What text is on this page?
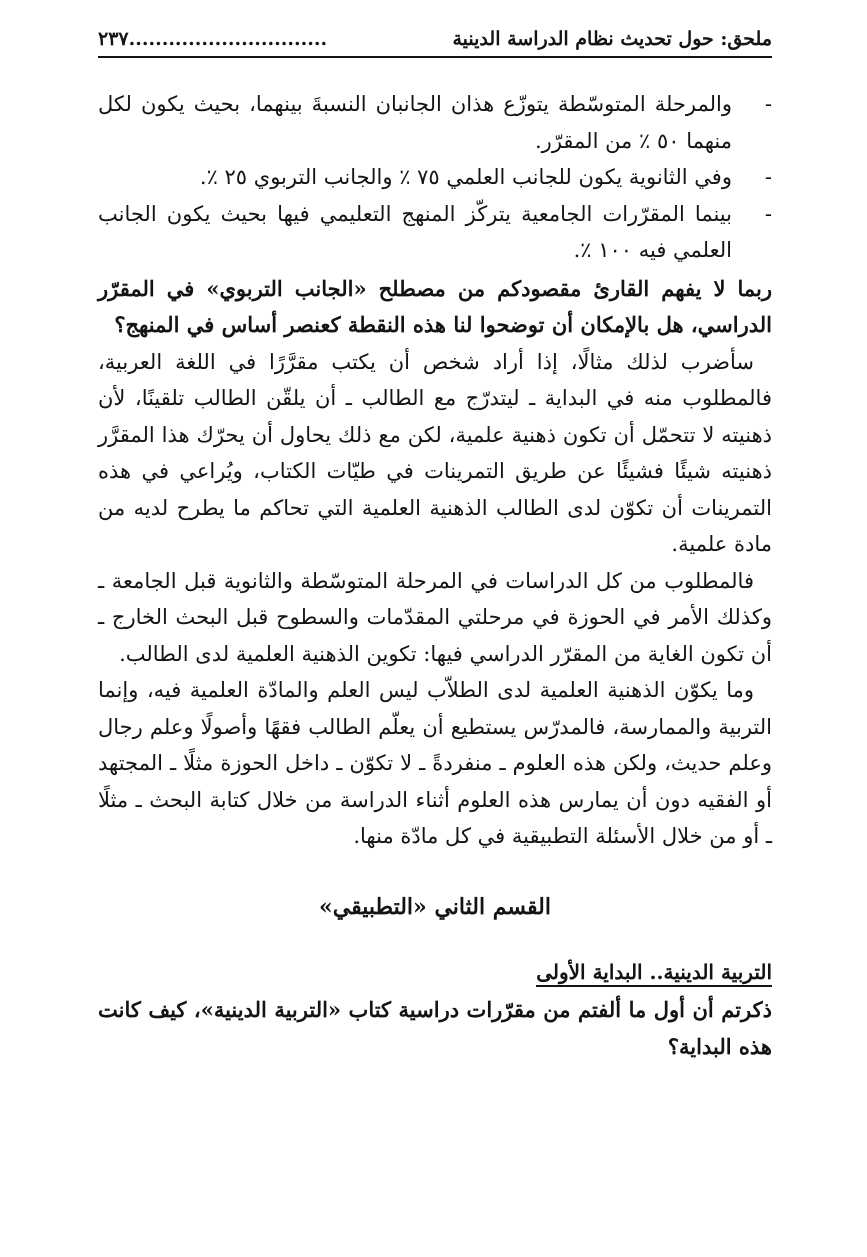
ملحق: حول تحديث نظام الدراسة الدينية
..............................٢٣٧
-
والمرحلة المتوسّطة يتوزّع هذان الجانبان النسبةَ بينهما، بحيث يكون لكل منهما ٥٠ ٪ من المقرّر.
-
وفي الثانوية يكون للجانب العلمي ٧٥ ٪ والجانب التربوي ٢٥ ٪.
-
بينما المقرّرات الجامعية يتركّز المنهج التعليمي فيها بحيث يكون الجانب العلمي فيه ١٠٠ ٪.

ربما لا يفهم القارئ مقصودكم من مصطلح «الجانب التربوي» في المقرّر الدراسي، هل بالإمكان أن توضحوا لنا هذه النقطة كعنصر أساس في المنهج؟

سأضرب لذلك مثالًا، إذا أراد شخص أن يكتب مقرَّرًا في اللغة العربية، فالمطلوب منه في البداية ـ ليتدرّج مع الطالب ـ أن يلقّن الطالب تلقينًا، لأن ذهنيته لا تتحمّل أن تكون ذهنية علمية، لكن مع ذلك يحاول أن يحرّك هذا المقرَّر ذهنيته شيئًا فشيئًا عن طريق التمرينات في طيّات الكتاب، ويُراعي في هذه التمرينات أن تكوّن لدى الطالب الذهنية العلمية التي تحاكم ما يطرح لديه من مادة علمية.

فالمطلوب من كل الدراسات في المرحلة المتوسّطة والثانوية قبل الجامعة ـ وكذلك الأمر في الحوزة في مرحلتي المقدّمات والسطوح قبل البحث الخارج ـ أن تكون الغاية من المقرّر الدراسي فيها: تكوين الذهنية العلمية لدى الطالب.

وما يكوّن الذهنية العلمية لدى الطلاّب ليس العلم والمادّة العلمية فيه، وإنما التربية والممارسة، فالمدرّس يستطيع أن يعلّم الطالب فقهًا وأصولًا وعلم رجال وعلم حديث، ولكن هذه العلوم ـ منفردةً ـ لا تكوّن ـ داخل الحوزة مثلًا ـ المجتهد أو الفقيه دون أن يمارس هذه العلوم أثناء الدراسة من خلال كتابة البحث ـ مثلًا ـ أو من خلال الأسئلة التطبيقية في كل مادّة منها.

القسم الثاني «التطبيقي»

التربية الدينية.. البداية الأولى

ذكرتم أن أول ما ألفتم من مقرّرات دراسية كتاب «التربية الدينية»، كيف كانت هذه البداية؟
